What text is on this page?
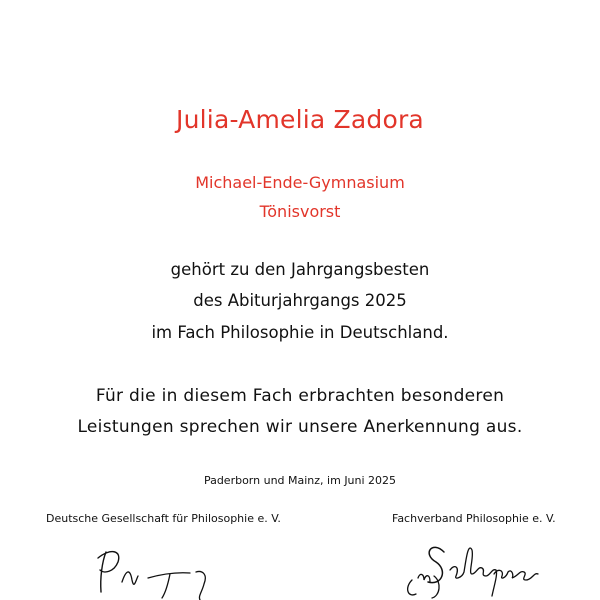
Julia-Amelia Zadora
Michael-Ende-Gymnasium
Tönisvorst
gehört zu den Jahrgangsbesten
des Abiturjahrgangs 2025
im Fach Philosophie in Deutschland.
Für die in diesem Fach erbrachten besonderen
Leistungen sprechen wir unsere Anerkennung aus.
Paderborn und Mainz, im Juni 2025
Deutsche Gesellschaft für Philosophie e. V.	Fachverband Philosophie e. V.
